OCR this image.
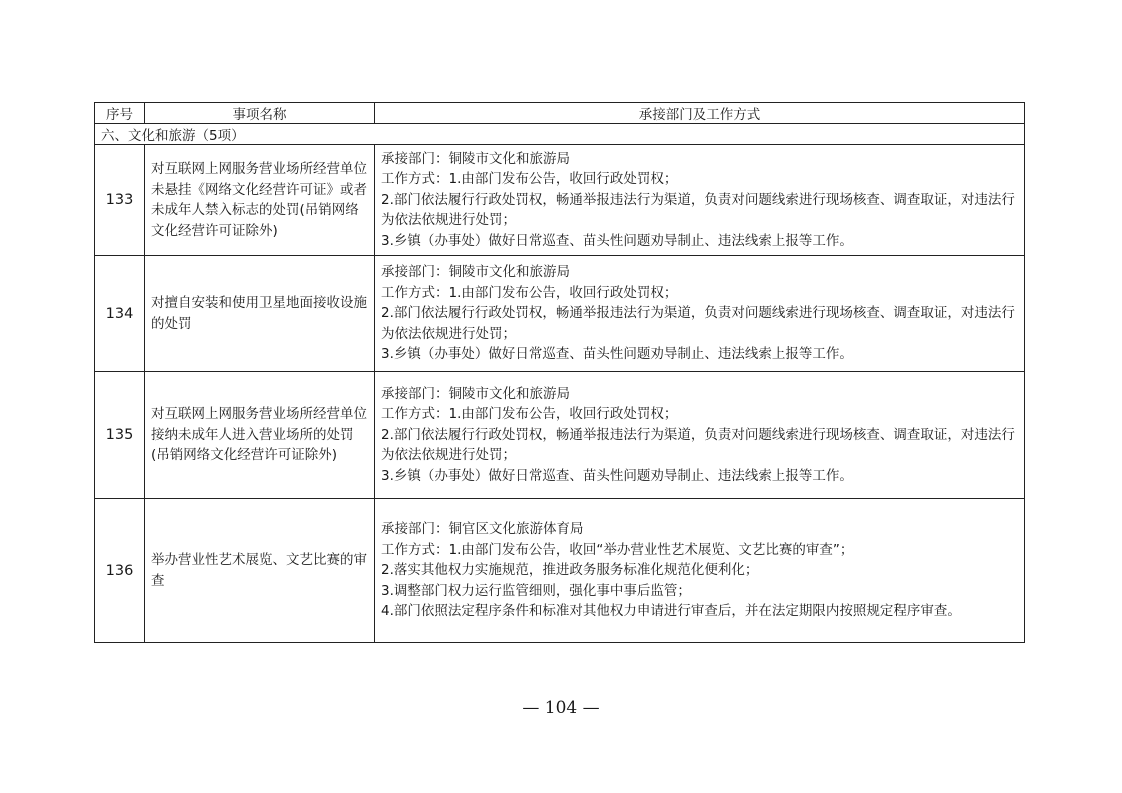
序号	事项名称	承接部门及工作方式
六、文化和旅游（5项）		
133	对互联网上网服务营业场所经营单位未悬挂《网络文化经营许可证》或者未成年人禁入标志的处罚(吊销网络文化经营许可证除外)	承接部门：铜陵市文化和旅游局
工作方式：1.由部门发布公告，收回行政处罚权；
2.部门依法履行行政处罚权，畅通举报违法行为渠道，负责对问题线索进行现场核查、调查取证，对违法行为依法依规进行处罚；
3.乡镇（办事处）做好日常巡查、苗头性问题劝导制止、违法线索上报等工作。

134	对擅自安装和使用卫星地面接收设施的处罚	承接部门：铜陵市文化和旅游局
工作方式：1.由部门发布公告，收回行政处罚权；
2.部门依法履行行政处罚权，畅通举报违法行为渠道，负责对问题线索进行现场核查、调查取证，对违法行为依法依规进行处罚；
3.乡镇（办事处）做好日常巡查、苗头性问题劝导制止、违法线索上报等工作。

135	对互联网上网服务营业场所经营单位接纳未成年人进入营业场所的处罚(吊销网络文化经营许可证除外)	承接部门：铜陵市文化和旅游局
工作方式：1.由部门发布公告，收回行政处罚权；
2.部门依法履行行政处罚权，畅通举报违法行为渠道，负责对问题线索进行现场核查、调查取证，对违法行为依法依规进行处罚；
3.乡镇（办事处）做好日常巡查、苗头性问题劝导制止、违法线索上报等工作。

136	举办营业性艺术展览、文艺比赛的审查	承接部门：铜官区文化旅游体育局
工作方式：1.由部门发布公告，收回“举办营业性艺术展览、文艺比赛的审查”；
2.落实其他权力实施规范，推进政务服务标准化规范化便利化；
3.调整部门权力运行监管细则，强化事中事后监管；
4.部门依照法定程序条件和标准对其他权力申请进行审查后，并在法定期限内按照规定程序审查。
— 104 —
